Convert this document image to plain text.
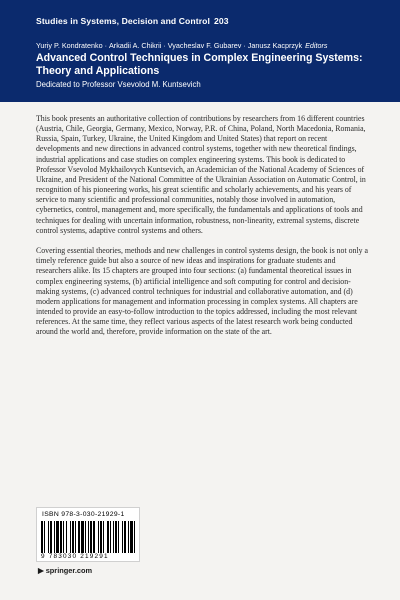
Studies in Systems, Decision and Control 203
Yuriy P. Kondratenko · Arkadii A. Chikrii · Vyacheslav F. Gubarev · Janusz Kacprzyk Editors
Advanced Control Techniques in Complex Engineering Systems:
Theory and Applications
Dedicated to Professor Vsevolod M. Kuntsevich

This book presents an authoritative collection of contributions by researchers from 16 different countries (Austria, Chile, Georgia, Germany, Mexico, Norway, P.R. of China, Poland, North Macedonia, Romania, Russia, Spain, Turkey, Ukraine, the United Kingdom and United States) that report on recent developments and new directions in advanced control systems, together with new theoretical findings, industrial applications and case studies on complex engineering systems. This book is dedicated to Professor Vsevolod Mykhailovych Kuntsevich, an Academician of the National Academy of Sciences of Ukraine, and President of the National Committee of the Ukrainian Association on Automatic Control, in recognition of his pioneering works, his great scientific and scholarly achievements, and his years of service to many scientific and professional communities, notably those involved in automation, cybernetics, control, management and, more specifically, the fundamentals and applications of tools and techniques for dealing with uncertain information, robustness, non-linearity, extremal systems, discrete control systems, adaptive control systems and others.

Covering essential theories, methods and new challenges in control systems design, the book is not only a timely reference guide but also a source of new ideas and inspirations for graduate students and researchers alike. Its 15 chapters are grouped into four sections: (a) fundamental theoretical issues in complex engineering systems, (b) artificial intelligence and soft computing for control and decision-making systems, (c) advanced control techniques for industrial and collaborative automation, and (d) modern applications for management and information processing in complex systems. All chapters are intended to provide an easy-to-follow introduction to the topics addressed, including the most relevant references. At the same time, they reflect various aspects of the latest research work being conducted around the world and, therefore, provide information on the state of the art.

ISBN 978-3-030-21929-1
9 783030 219291
▶ springer.com
